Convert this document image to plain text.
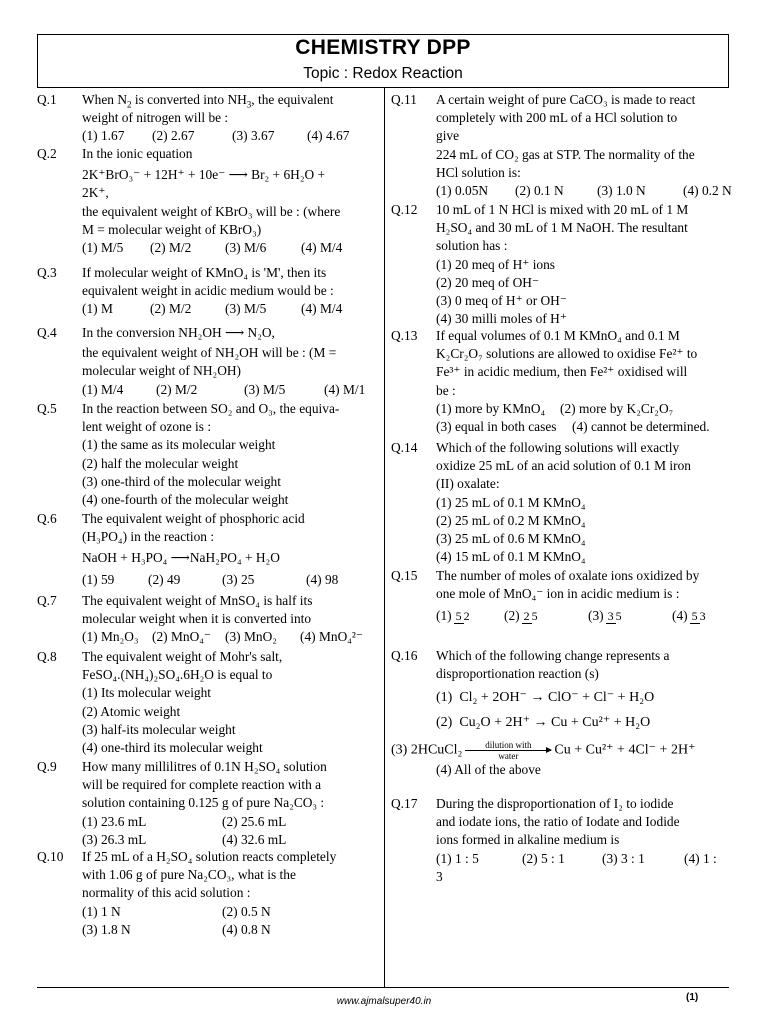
CHEMISTRY DPP
Topic : Redox Reaction
Q.1 When $N_2$ is converted into $NH_3$, the equivalent
weight of nitrogen will be :
(1) 1.67	(2) 2.67	(3) 3.67	(4) 4.67
Q.2 In the ionic equation
2K⁺BrO₃⁻ + 12H⁺ + 10e⁻ ⟶ Br₂ + 6H₂O +
2K⁺,
the equivalent weight of KBrO₃ will be : (where
M = molecular weight of KBrO₃)
(1) M/5	(2) M/2	(3) M/6	(4) M/4
Q.3 If molecular weight of KMnO₄ is 'M', then its
equivalent weight in acidic medium would be :
(1) M	(2) M/2	(3) M/5	(4) M/4
Q.4 In the conversion NH₂OH ⟶ N₂O,
the equivalent weight of NH₂OH will be : (M =
molecular weight of NH₂OH)
(1) M/4	(2) M/2	(3) M/5	(4) M/1
Q.5 In the reaction between SO₂ and O₃, the equiva-
lent weight of ozone is :
(1) the same as its molecular weight
(2) half the molecular weight
(3) one-third of the molecular weight
(4) one-fourth of the molecular weight
Q.6 The equivalent weight of phosphoric acid
(H₃PO₄) in the reaction :
NaOH + H₃PO₄ ⟶NaH₂PO₄ + H₂O
(1) 59	(2) 49	(3) 25	(4) 98
Q.7 The equivalent weight of MnSO₄ is half its
molecular weight when it is converted into
(1) Mn₂O₃	(2) MnO₄⁻	(3) MnO₂	(4) MnO₄²⁻
Q.8 The equivalent weight of Mohr's salt,
FeSO₄.(NH₄)₂SO₄.6H₂O is equal to
(1) Its molecular weight
(2) Atomic weight
(3) half-its molecular weight
(4) one-third its molecular weight
Q.9 How many millilitres of 0.1N H₂SO₄ solution
will be required for complete reaction with a
solution containing 0.125 g of pure Na₂CO₃ :
(1) 23.6 mL	(2) 25.6 mL
(3) 26.3 mL	(4) 32.6 mL
Q.10 If 25 mL of a H₂SO₄ solution reacts completely
with 1.06 g of pure Na₂CO₃, what is the
normality of this acid solution :
(1) 1 N	(2) 0.5 N
(3) 1.8 N	(4) 0.8 N
Q.11 A certain weight of pure CaCO₃ is made to react
completely with 200 mL of a HCl solution to
give
224 mL of CO₂ gas at STP. The normality of the
HCl solution is:
(1) 0.05N	(2) 0.1 N	(3) 1.0 N	(4) 0.2 N
Q.12 10 mL of 1 N HCl is mixed with 20 mL of 1 M
H₂SO₄ and 30 mL of 1 M NaOH. The resultant
solution has :
(1) 20 meq of H⁺ ions
(2) 20 meq of OH⁻
(3) 0 meq of H⁺ or OH⁻
(4) 30 milli moles of H⁺
Q.13 If equal volumes of 0.1 M KMnO₄ and 0.1 M
K₂Cr₂O₇ solutions are allowed to oxidise Fe²⁺ to
Fe³⁺ in acidic medium, then Fe²⁺ oxidised will
be :
(1) more by KMnO₄	(2) more by K₂Cr₂O₇
(3) equal in both cases	(4) cannot be determined.
Q.14 Which of the following solutions will exactly
oxidize 25 mL of an acid solution of 0.1 M iron
(II) oxalate:
(1) 25 mL of 0.1 M KMnO₄
(2) 25 mL of 0.2 M KMnO₄
(3) 25 mL of 0.6 M KMnO₄
(4) 15 mL of 0.1 M KMnO₄
Q.15 The number of moles of oxalate ions oxidized by
one mole of MnO₄⁻ ion in acidic medium is :
(1) 5 2	(2) 2 5	(3) 3 5	(4) 5 3
Q.16 Which of the following change represents a
disproportionation reaction (s)
(1) Cl₂ + 2OH⁻ → ClO⁻ + Cl⁻ + H₂O
(2) Cu₂O + 2H⁺ → Cu + Cu²⁺ + H₂O
(3) 2HCuCl₂	dilution with
water	Cu + Cu²⁺ + 4Cl⁻ + 2H⁺
(4) All of the above
Q.17 During the disproportionation of I₂ to iodide
and iodate ions, the ratio of Iodate and Iodide
ions formed in alkaline medium is
(1) 1 : 5	(2) 5 : 1	(3) 3 : 1	(4) 1 :
3
www.ajmalsuper40.in	(1)
